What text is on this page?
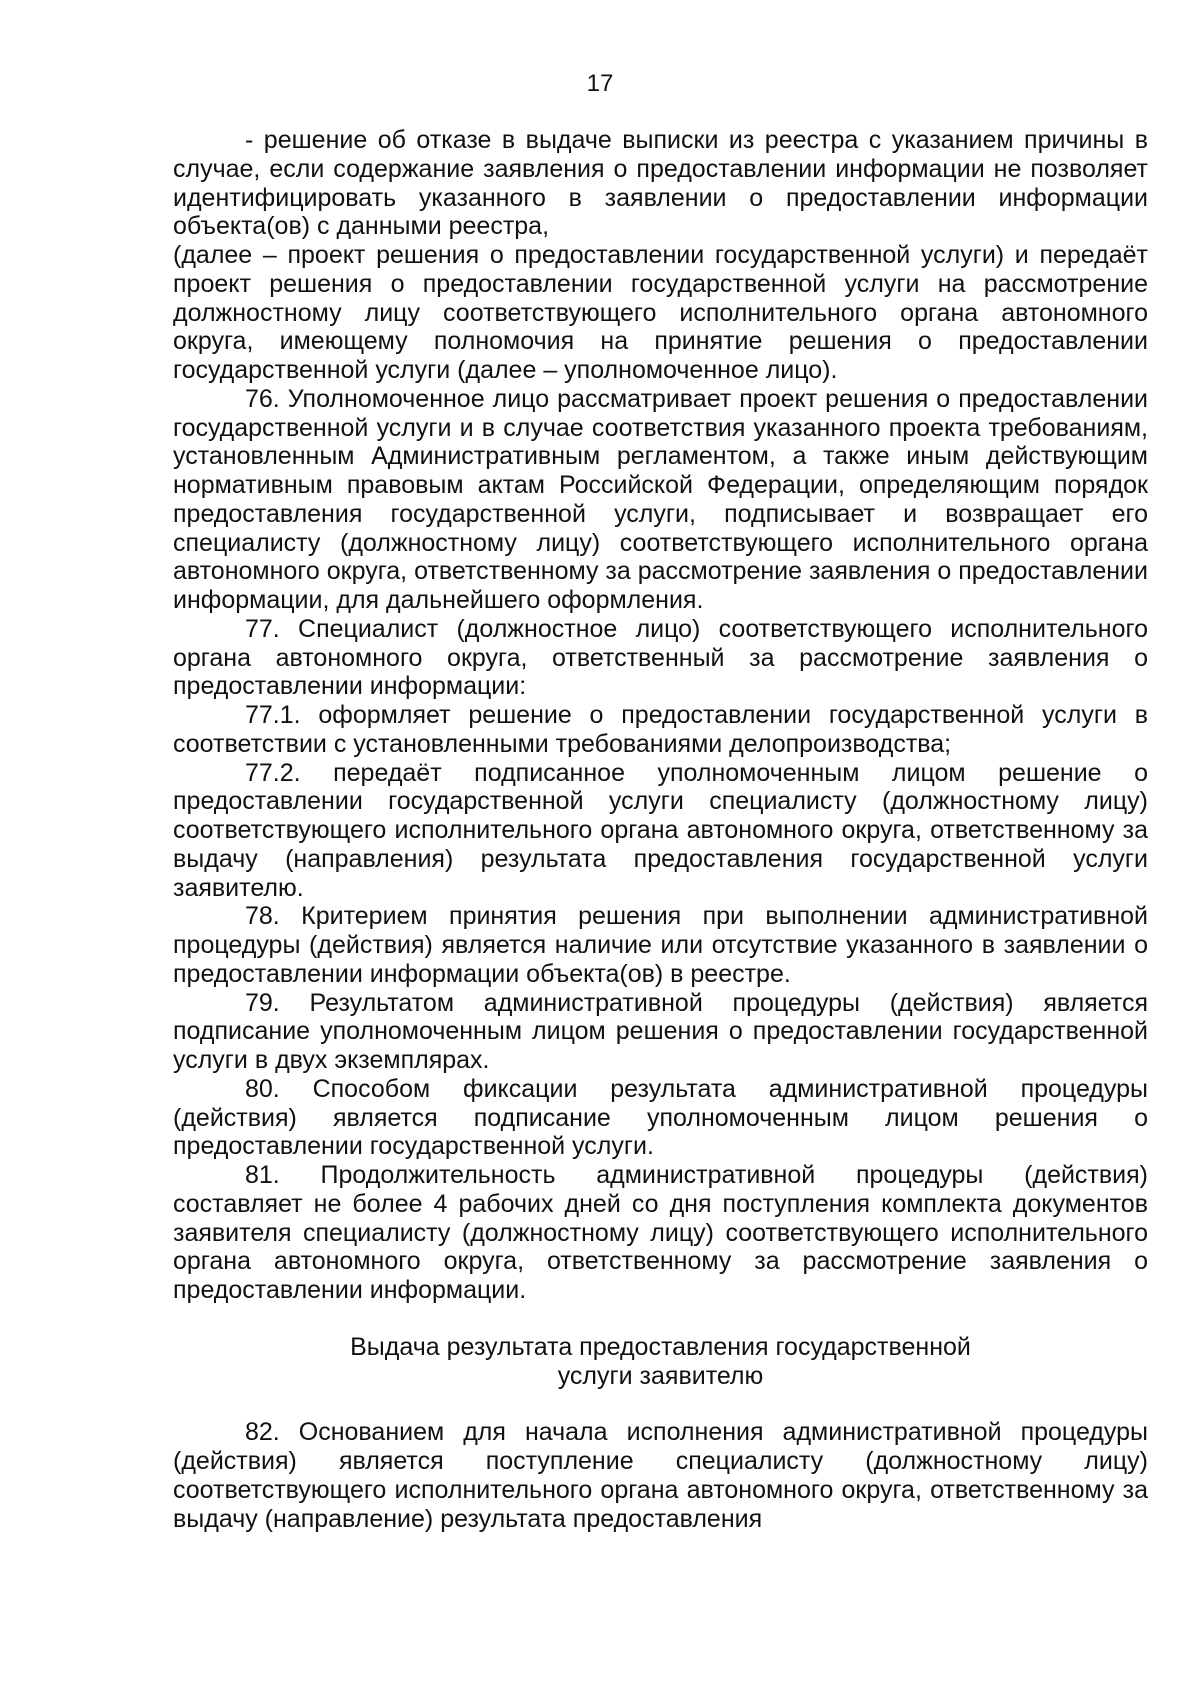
17

- решение об отказе в выдаче выписки из реестра с указанием причины в случае, если содержание заявления о предоставлении информации не позволяет идентифицировать указанного в заявлении о предоставлении информации объекта(ов) с данными реестра,

(далее – проект решения о предоставлении государственной услуги) и передаёт проект решения о предоставлении государственной услуги на рассмотрение должностному лицу соответствующего исполнительного органа автономного округа, имеющему полномочия на принятие решения о предоставлении государственной услуги (далее – уполномоченное лицо).

76. Уполномоченное лицо рассматривает проект решения о предоставлении государственной услуги и в случае соответствия указанного проекта требованиям, установленным Административным регламентом, а также иным действующим нормативным правовым актам Российской Федерации, определяющим порядок предоставления государственной услуги, подписывает и возвращает его специалисту (должностному лицу) соответствующего исполнительного органа автономного округа, ответственному за рассмотрение заявления о предоставлении информации, для дальнейшего оформления.

77. Специалист (должностное лицо) соответствующего исполнительного органа автономного округа, ответственный за рассмотрение заявления о предоставлении информации:

77.1. оформляет решение о предоставлении государственной услуги в соответствии с установленными требованиями делопроизводства;

77.2. передаёт подписанное уполномоченным лицом решение о предоставлении государственной услуги специалисту (должностному лицу) соответствующего исполнительного органа автономного округа, ответственному за выдачу (направления) результата предоставления государственной услуги заявителю.

78. Критерием принятия решения при выполнении административной процедуры (действия) является наличие или отсутствие указанного в заявлении о предоставлении информации объекта(ов) в реестре.

79. Результатом административной процедуры (действия) является подписание уполномоченным лицом решения о предоставлении государственной услуги в двух экземплярах.

80. Способом фиксации результата административной процедуры (действия) является подписание уполномоченным лицом решения о предоставлении государственной услуги.

81. Продолжительность административной процедуры (действия) составляет не более 4 рабочих дней со дня поступления комплекта документов заявителя специалисту (должностному лицу) соответствующего исполнительного органа автономного округа, ответственному за рассмотрение заявления о предоставлении информации.

Выдача результата предоставления государственной

услуги заявителю

82. Основанием для начала исполнения административной процедуры (действия) является поступление специалисту (должностному лицу) соответствующего исполнительного органа автономного округа, ответственному за выдачу (направление) результата предоставления
